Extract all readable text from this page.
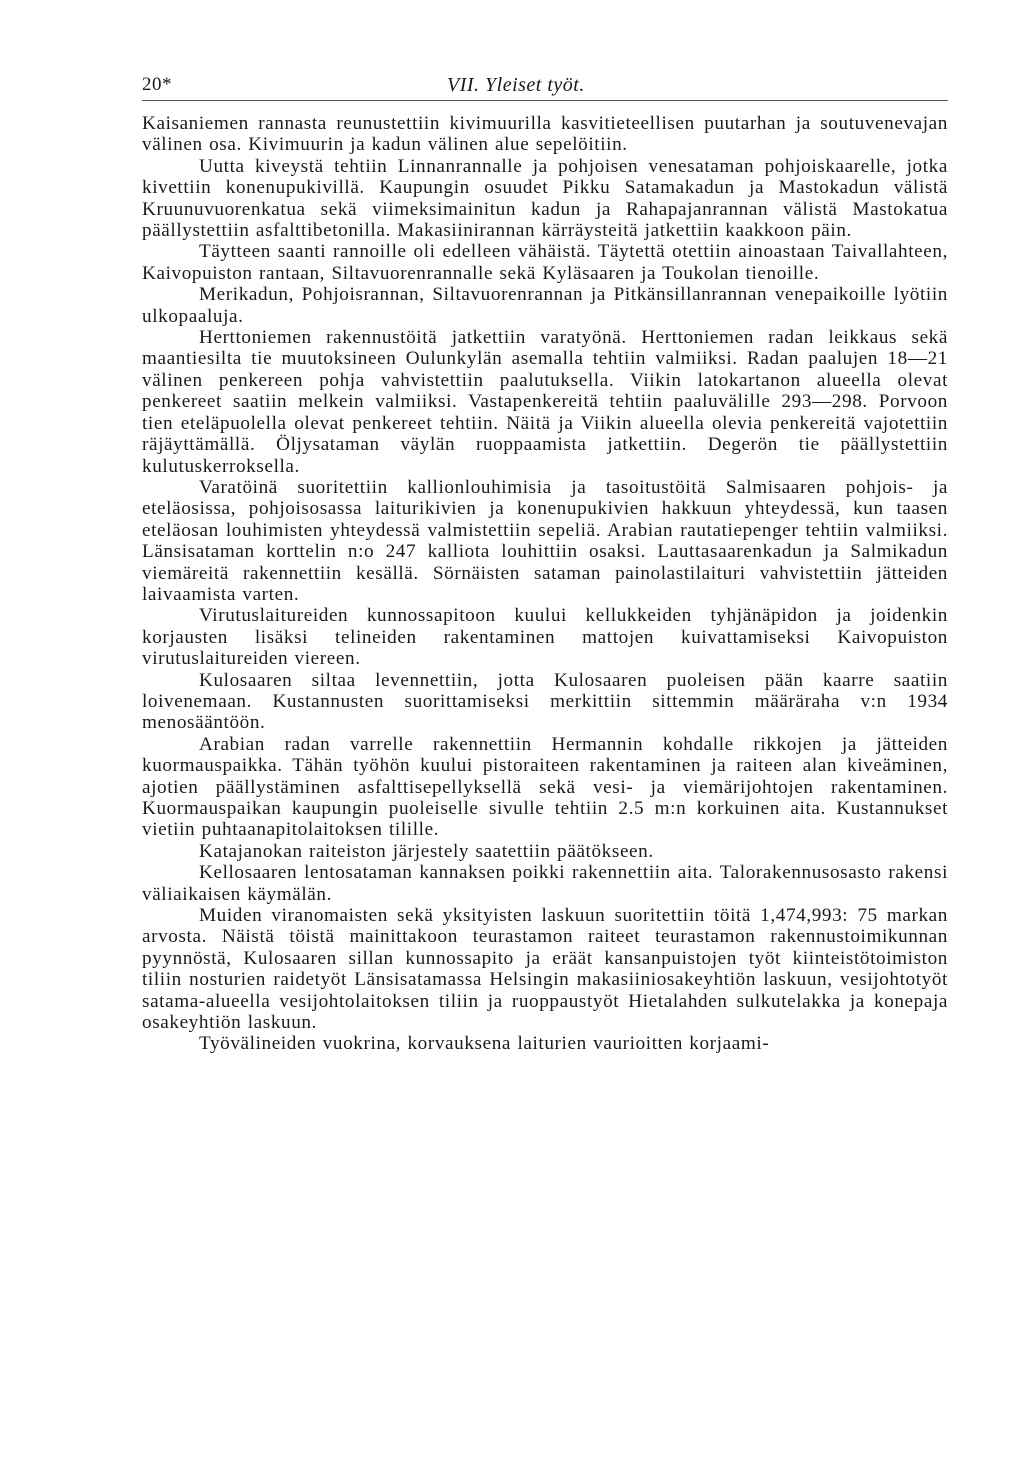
20*	VII. Yleiset työt.

Kaisaniemen rannasta reunustettiin kivimuurilla kasvitieteellisen puutarhan ja soutuvenevajan välinen osa. Kivimuurin ja kadun välinen alue sepelöitiin.

Uutta kiveystä tehtiin Linnanrannalle ja pohjoisen venesataman pohjoiskaarelle, jotka kivettiin konenupukivillä. Kaupungin osuudet Pikku Satamakadun ja Mastokadun välistä Kruunuvuorenkatua sekä viimeksimainitun kadun ja Rahapajanrannan välistä Mastokatua päällystettiin asfalttibetonilla. Makasiinirannan kärräysteitä jatkettiin kaakkoon päin.

Täytteen saanti rannoille oli edelleen vähäistä. Täytettä otettiin ainoastaan Taivallahteen, Kaivopuiston rantaan, Siltavuorenrannalle sekä Kyläsaaren ja Toukolan tienoille.

Merikadun, Pohjoisrannan, Siltavuorenrannan ja Pitkänsillanrannan venepaikoille lyötiin ulkopaaluja.

Herttoniemen rakennustöitä jatkettiin varatyönä. Herttoniemen radan leikkaus sekä maantiesilta tie muutoksineen Oulunkylän asemalla tehtiin valmiiksi. Radan paalujen 18—21 välinen penkereen pohja vahvistettiin paalutuksella. Viikin latokartanon alueella olevat penkereet saatiin melkein valmiiksi. Vastapenkereitä tehtiin paaluvälille 293—298. Porvoon tien eteläpuolella olevat penkereet tehtiin. Näitä ja Viikin alueella olevia penkereitä vajotettiin räjäyttämällä. Öljysataman väylän ruoppaamista jatkettiin. Degerön tie päällystettiin kulutuskerroksella.

Varatöinä suoritettiin kallionlouhimisia ja tasoitustöitä Salmisaaren pohjois- ja eteläosissa, pohjoisosassa laiturikivien ja konenupukivien hakkuun yhteydessä, kun taasen eteläosan louhimisten yhteydessä valmistettiin sepeliä. Arabian rautatiepenger tehtiin valmiiksi. Länsisataman korttelin n:o 247 kalliota louhittiin osaksi. Lauttasaarenkadun ja Salmikadun viemäreitä rakennettiin kesällä. Sörnäisten sataman painolastilaituri vahvistettiin jätteiden laivaamista varten.

Virutuslaitureiden kunnossapitoon kuului kellukkeiden tyhjänäpidon ja joidenkin korjausten lisäksi telineiden rakentaminen mattojen kuivattamiseksi Kaivopuiston virutuslaitureiden viereen.

Kulosaaren siltaa levennettiin, jotta Kulosaaren puoleisen pään kaarre saatiin loivenemaan. Kustannusten suorittamiseksi merkittiin sittemmin määräraha v:n 1934 menosääntöön.

Arabian radan varrelle rakennettiin Hermannin kohdalle rikkojen ja jätteiden kuormauspaikka. Tähän työhön kuului pistoraiteen rakentaminen ja raiteen alan kiveäminen, ajotien päällystäminen asfalttisepellyksellä sekä vesi- ja viemärijohtojen rakentaminen. Kuormauspaikan kaupungin puoleiselle sivulle tehtiin 2.5 m:n korkuinen aita. Kustannukset vietiin puhtaanapitolaitoksen tilille.

Katajanokan raiteiston järjestely saatettiin päätökseen.

Kellosaaren lentosataman kannaksen poikki rakennettiin aita. Talorakennusosasto rakensi väliaikaisen käymälän.

Muiden viranomaisten sekä yksityisten laskuun suoritettiin töitä 1,474,993: 75 markan arvosta. Näistä töistä mainittakoon teurastamon raiteet teurastamon rakennustoimikunnan pyynnöstä, Kulosaaren sillan kunnossapito ja eräät kansanpuistojen työt kiinteistötoimiston tiliin nosturien raidetyöt Länsisatamassa Helsingin makasiiniosakeyhtiön laskuun, vesijohtotyöt satama-alueella vesijohtolaitoksen tiliin ja ruoppaustyöt Hietalahden sulkutelakka ja konepaja osakeyhtiön laskuun.

Työvälineiden vuokrina, korvauksena laiturien vaurioitten korjaami-
